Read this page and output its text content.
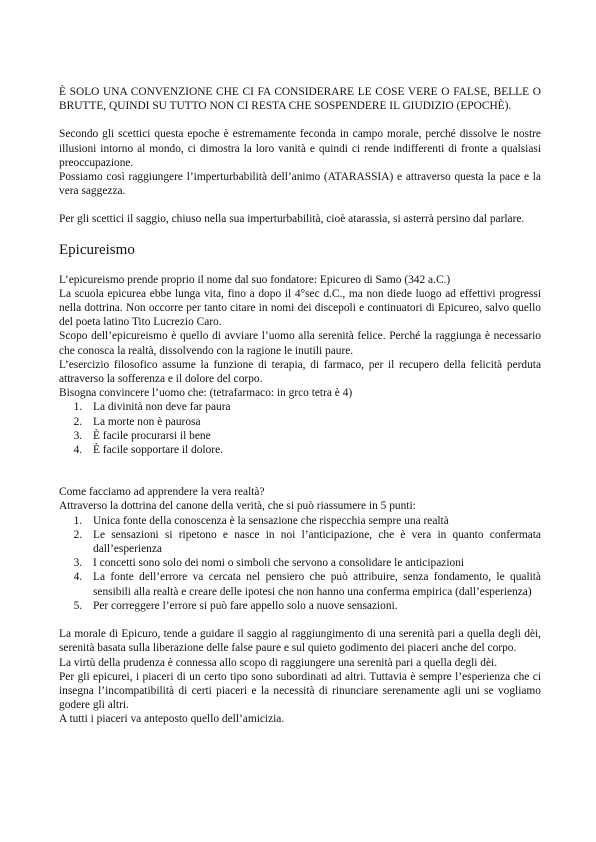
È SOLO UNA CONVENZIONE CHE CI FA CONSIDERARE LE COSE VERE O FALSE, BELLE O BRUTTE, QUINDI SU TUTTO NON CI RESTA CHE SOSPENDERE IL GIUDIZIO (EPOCHÈ).

Secondo gli scettici questa epoche è estremamente feconda in campo morale, perché dissolve le nostre illusioni intorno al mondo, ci dimostra la loro vanità e quindi ci rende indifferenti di fronte a qualsiasi preoccupazione.

Possiamo così raggiungere l’imperturbabilità dell’animo (ATARASSIA) e attraverso questa la pace e la vera saggezza.

Per gli scettici il saggio, chiuso nella sua imperturbabilità, cioè atarassia, si asterrà persino dal parlare.

Epicureismo

L’epicureismo prende proprio il nome dal suo fondatore: Epicureo di Samo (342 a.C.)

La scuola epicurea ebbe lunga vita, fino a dopo il 4°sec d.C., ma non diede luogo ad effettivi progressi nella dottrina. Non occorre per tanto citare in nomi dei discepoli e continuatori di Epicureo, salvo quello del poeta latino Tito Lucrezio Caro.

Scopo dell’epicureismo è quello di avviare l’uomo alla serenità felice. Perché la raggiunga è necessario che conosca la realtà, dissolvendo con la ragione le inutili paure.

L’esercizio filosofico assume la funzione di terapia, di farmaco, per il recupero della felicità perduta attraverso la sofferenza e il dolore del corpo.

Bisogna convincere l’uomo che: (tetrafarmaco: in grco tetra è 4)

1. La divinità non deve far paura
2. La morte non è paurosa
3. È facile procurarsi il bene
4. È facile sopportare il dolore.

Come facciamo ad apprendere la vera realtà?

Attraverso la dottrina del canone della verità, che si può riassumere in 5 punti:

1. Unica fonte della conoscenza è la sensazione che rispecchia sempre una realtà
2. Le sensazioni si ripetono e nasce in noi l’anticipazione, che è vera in quanto confermata dall’esperienza
3. I concetti sono solo dei nomi o simboli che servono a consolidare le anticipazioni
4. La fonte dell’errore va cercata nel pensiero che può attribuire, senza fondamento, le qualità sensibili alla realtà e creare delle ipotesi che non hanno una conferma empirica (dall’esperienza)
5. Per correggere l’errore si può fare appello solo a nuove sensazioni.

La morale di Epicuro, tende a guidare il saggio al raggiungimento di una serenità pari a quella degli dèi, serenità basata sulla liberazione delle false paure e sul quieto godimento dei piaceri anche del corpo.

La virtù della prudenza è connessa allo scopo di raggiungere una serenità pari a quella degli dèi.

Per gli epicurei, i piaceri di un certo tipo sono subordinati ad altri. Tuttavia è sempre l’esperienza che ci insegna l’incompatibilità di certi piaceri e la necessità di rinunciare serenamente agli uni se vogliamo godere gli altri.

A tutti i piaceri va anteposto quello dell’amicizia.
